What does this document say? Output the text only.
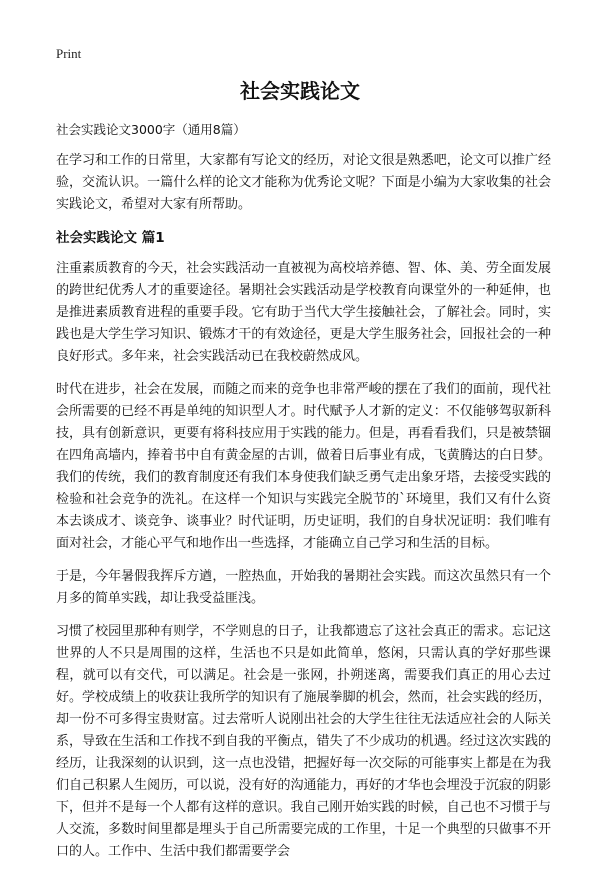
Print
社会实践论文
社会实践论文3000字（通用8篇）

在学习和工作的日常里，大家都有写论文的经历，对论文很是熟悉吧，论文可以推广经验，交流认识。一篇什么样的论文才能称为优秀论文呢？下面是小编为大家收集的社会实践论文，希望对大家有所帮助。

社会实践论文 篇1

注重素质教育的今天，社会实践活动一直被视为高校培养德、智、体、美、劳全面发展的跨世纪优秀人才的重要途径。暑期社会实践活动是学校教育向课堂外的一种延伸，也是推进素质教育进程的重要手段。它有助于当代大学生接触社会，了解社会。同时，实践也是大学生学习知识、锻炼才干的有效途径，更是大学生服务社会，回报社会的一种良好形式。多年来，社会实践活动已在我校蔚然成风。

时代在进步，社会在发展，而随之而来的竞争也非常严峻的摆在了我们的面前，现代社会所需要的已经不再是单纯的知识型人才。时代赋予人才新的定义：不仅能够驾驭新科技，具有创新意识，更要有将科技应用于实践的能力。但是，再看看我们，只是被禁锢在四角高墙内，捧着书中自有黄金屋的古训，做着日后事业有成，飞黄腾达的白日梦。我们的传统，我们的教育制度还有我们本身使我们缺乏勇气走出象牙塔，去接受实践的检验和社会竞争的洗礼。在这样一个知识与实践完全脱节的`环境里，我们又有什么资本去谈成才、谈竞争、谈事业？时代证明，历史证明，我们的自身状况证明：我们唯有面对社会，才能心平气和地作出一些选择，才能确立自己学习和生活的目标。

于是，今年暑假我挥斥方遒，一腔热血，开始我的暑期社会实践。而这次虽然只有一个月多的简单实践，却让我受益匪浅。

习惯了校园里那种有则学，不学则息的日子，让我都遗忘了这社会真正的需求。忘记这世界的人不只是周围的这样，生活也不只是如此简单，悠闲，只需认真的学好那些课程，就可以有交代，可以满足。社会是一张网，扑朔迷离，需要我们真正的用心去过好。学校成绩上的收获让我所学的知识有了施展拳脚的机会，然而，社会实践的经历，却一份不可多得宝贵财富。过去常听人说刚出社会的大学生往往无法适应社会的人际关系，导致在生活和工作找不到自我的平衡点，错失了不少成功的机遇。经过这次实践的经历，让我深刻的认识到，这一点也没错，把握好每一次交际的可能事实上都是在为我们自己积累人生阅历，可以说，没有好的沟通能力，再好的才华也会埋没于沉寂的阴影下，但并不是每一个人都有这样的意识。我自己刚开始实践的时候，自己也不习惯于与人交流，多数时间里都是埋头于自己所需要完成的工作里，十足一个典型的只做事不开口的人。工作中、生活中我们都需要学会
